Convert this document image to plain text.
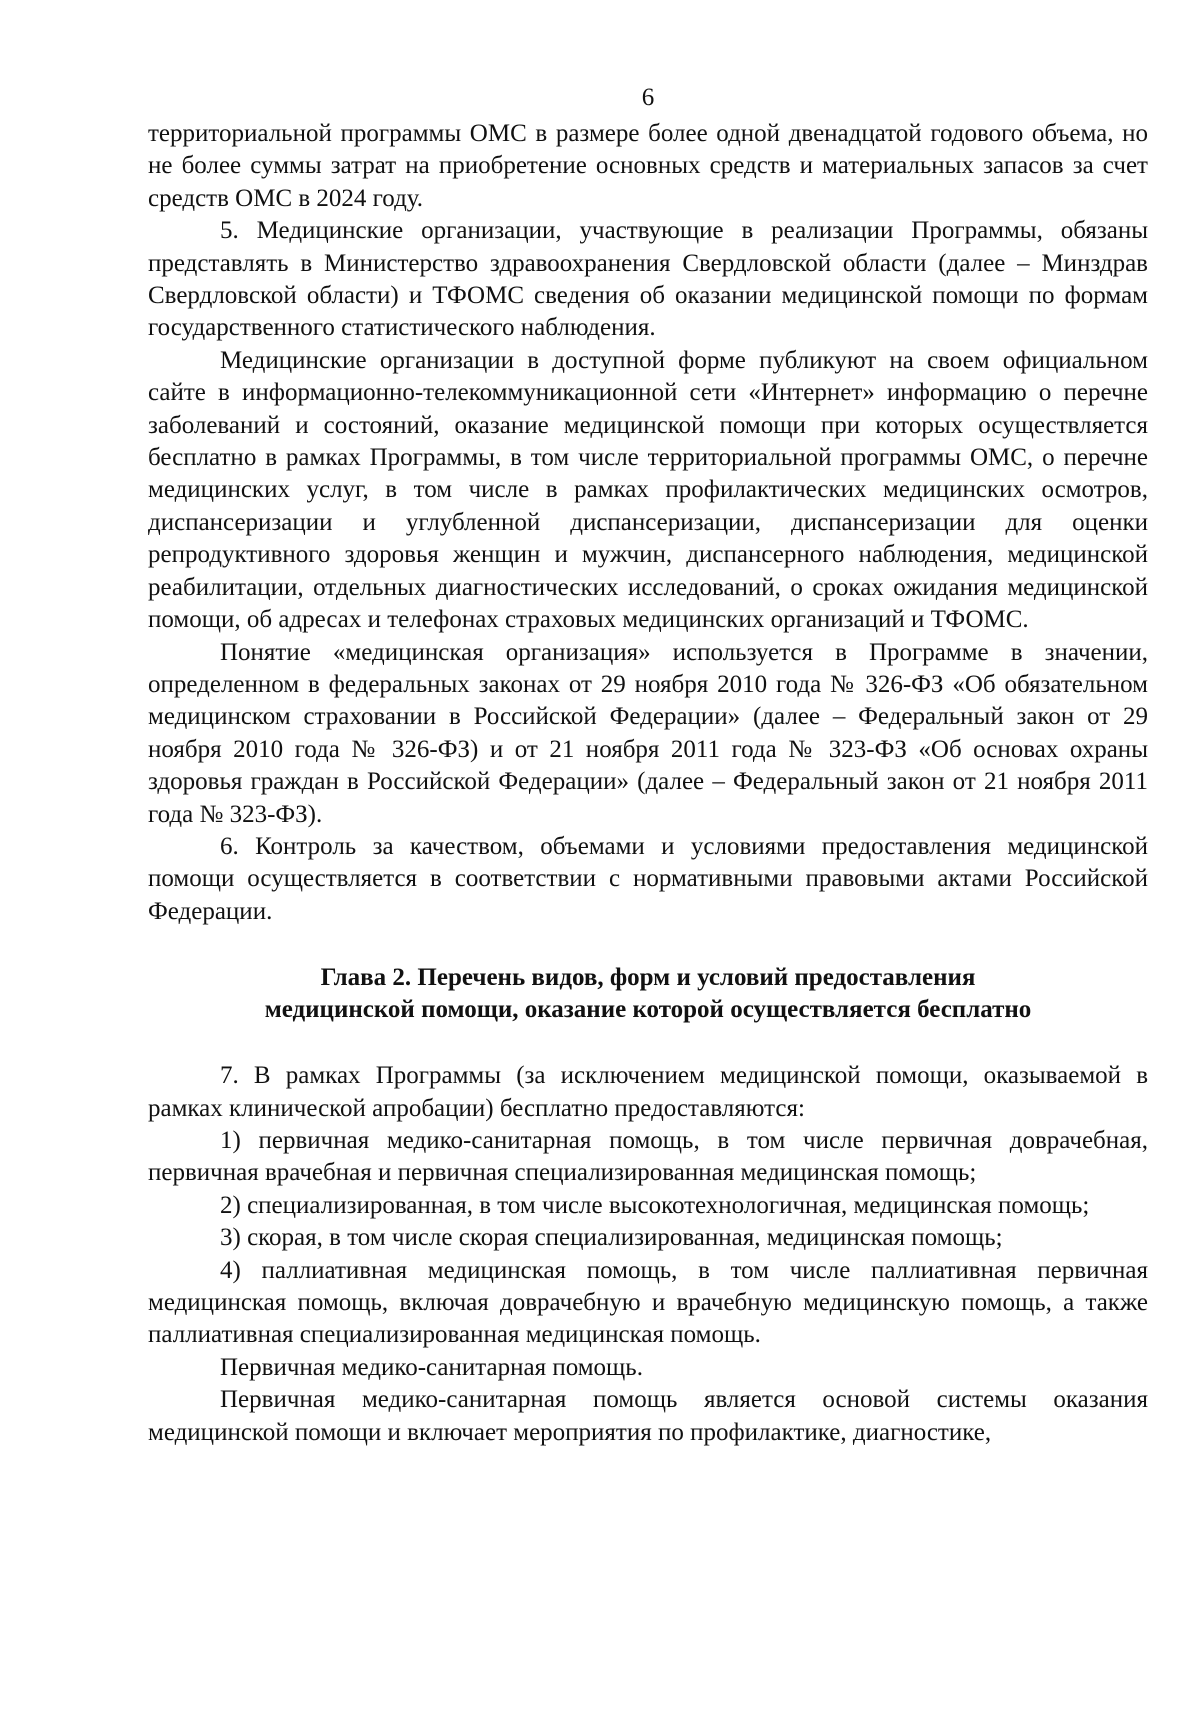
6

территориальной программы ОМС в размере более одной двенадцатой годового объема, но не более суммы затрат на приобретение основных средств и материальных запасов за счет средств ОМС в 2024 году.

5. Медицинские организации, участвующие в реализации Программы, обязаны представлять в Министерство здравоохранения Свердловской области (далее – Минздрав Свердловской области) и ТФОМС сведения об оказании медицинской помощи по формам государственного статистического наблюдения.

Медицинские организации в доступной форме публикуют на своем официальном сайте в информационно-телекоммуникационной сети «Интернет» информацию о перечне заболеваний и состояний, оказание медицинской помощи при которых осуществляется бесплатно в рамках Программы, в том числе территориальной программы ОМС, о перечне медицинских услуг, в том числе в рамках профилактических медицинских осмотров, диспансеризации и углубленной диспансеризации, диспансеризации для оценки репродуктивного здоровья женщин и мужчин, диспансерного наблюдения, медицинской реабилитации, отдельных диагностических исследований, о сроках ожидания медицинской помощи, об адресах и телефонах страховых медицинских организаций и ТФОМС.

Понятие «медицинская организация» используется в Программе в значении, определенном в федеральных законах от 29 ноября 2010 года № 326-ФЗ «Об обязательном медицинском страховании в Российской Федерации» (далее – Федеральный закон от 29 ноября 2010 года № 326-ФЗ) и от 21 ноября 2011 года № 323-ФЗ «Об основах охраны здоровья граждан в Российской Федерации» (далее – Федеральный закон от 21 ноября 2011 года № 323-ФЗ).

6. Контроль за качеством, объемами и условиями предоставления медицинской помощи осуществляется в соответствии с нормативными правовыми актами Российской Федерации.

Глава 2. Перечень видов, форм и условий предоставления
медицинской помощи, оказание которой осуществляется бесплатно

7. В рамках Программы (за исключением медицинской помощи, оказываемой в рамках клинической апробации) бесплатно предоставляются:

1) первичная медико-санитарная помощь, в том числе первичная доврачебная, первичная врачебная и первичная специализированная медицинская помощь;

2) специализированная, в том числе высокотехнологичная, медицинская помощь;

3) скорая, в том числе скорая специализированная, медицинская помощь;

4) паллиативная медицинская помощь, в том числе паллиативная первичная медицинская помощь, включая доврачебную и врачебную медицинскую помощь, а также паллиативная специализированная медицинская помощь.

Первичная медико-санитарная помощь.

Первичная медико-санитарная помощь является основой системы оказания медицинской помощи и включает мероприятия по профилактике, диагностике,
